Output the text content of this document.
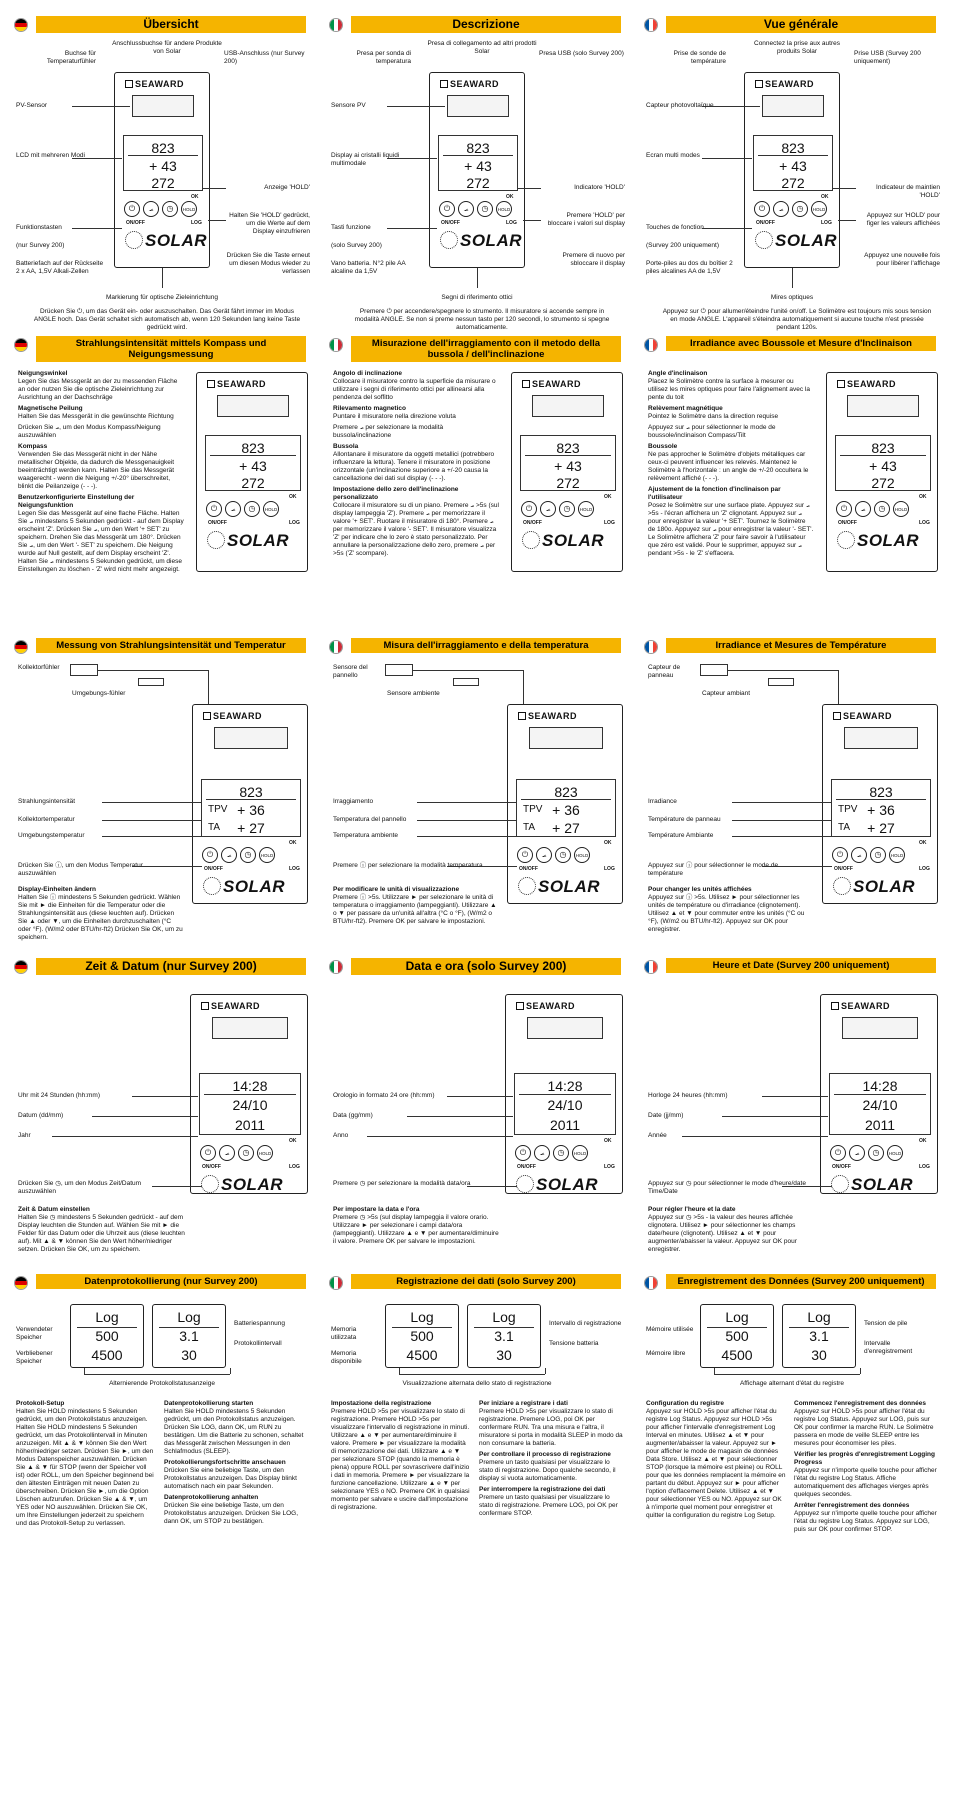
Übersicht
SEAWARD
823
+ 43
272
⏻	⦟	◷	HOLD
ON/OFF
OK
LOG
SOLAR
Anschlussbuchse für andere Produkte von Solar
Buchse für Temperaturfühler
USB-Anschluss (nur Survey 200)
PV-Sensor
LCD mit mehreren Modi
Anzeige 'HOLD'
Halten Sie 'HOLD' gedrückt, um die Werte auf dem Display einzufrieren
Funktionstasten
(nur Survey 200)
Drücken Sie die Taste erneut um diesen Modus wieder zu verlassen
Batteriefach auf der Rückseite 2 x AA, 1,5V Alkali-Zellen
Markierung für optische Zieleinrichtung
Drücken Sie ⏻, um das Gerät ein- oder auszuschalten. Das Gerät fährt immer im Modus ANGLE hoch. Das Gerät schaltet sich automatisch ab, wenn 120 Sekunden lang keine Taste gedrückt wird.
Strahlungsintensität mittels Kompass und Neigungsmessung
Neigungswinkel
Legen Sie das Messgerät an der zu messenden Fläche an oder nutzen Sie die optische Zieleinrichtung zur Ausrichtung an der Dachschräge
Magnetische Peilung
Halten Sie das Messgerät in die gewünschte Richtung
Drücken Sie ⦟, um den Modus Kompass/Neigung auszuwählen
Kompass
Verwenden Sie das Messgerät nicht in der Nähe metallischer Objekte, da dadurch die Messgenauigkeit beeinträchtigt werden kann. Halten Sie das Messgerät waagerecht - wenn die Neigung +/-20° überschreitet, blinkt die Peilanzeige (- - -).
Benutzerkonfigurierte Einstellung der Neigungsfunktion
Legen Sie das Messgerät auf eine flache Fläche. Halten Sie ⦟ mindestens 5 Sekunden gedrückt - auf dem Display erscheint 'Z'. Drücken Sie ⦟, um den Wert '+ SET' zu speichern. Drehen Sie das Messgerät um 180°. Drücken Sie ⦟, um den Wert '- SET' zu speichern. Die Neigung wurde auf Null gestellt, auf dem Display erscheint 'Z'. Halten Sie ⦟ mindestens 5 Sekunden gedrückt, um diese Einstellungen zu löschen - 'Z' wird nicht mehr angezeigt.
SEAWARD
823
+ 43
272
⏻	⦟	◷	HOLD
ON/OFF
OK
LOG
SOLAR
Messung von Strahlungsintensität und Temperatur
Kollektorfühler
Umgebungs-fühler
SEAWARD
823
+ 36
+ 27
TPV
TA
⏻	⦟	◷	HOLD
ON/OFF
OK
LOG
SOLAR
Strahlungsintensität
Kollektortemperatur
Umgebungstemperatur
Drücken Sie ⓘ, um den Modus Temperatur auszuwählen
Display-Einheiten ändern
Halten Sie ⓘ mindestens 5 Sekunden gedrückt. Wählen Sie mit ► die Einheiten für die Temperatur oder die Strahlungsintensität aus (diese leuchten auf). Drücken Sie ▲ oder ▼, um die Einheiten durchzuschalten (°C oder °F). (W/m2 oder BTU/hr-ft2) Drücken Sie OK, um zu speichern.
Zeit & Datum (nur Survey 200)
SEAWARD
14:28
24/10
2011
⏻	⦟	◷	HOLD
ON/OFF
OK
LOG
SOLAR
Uhr mit 24 Stunden (hh:mm)
Datum (dd/mm)
Jahr
Drücken Sie ◷, um den Modus Zeit/Datum auszuwählen
Zeit & Datum einstellen
Halten Sie ◷ mindestens 5 Sekunden gedrückt - auf dem Display leuchten die Stunden auf. Wählen Sie mit ► die Felder für das Datum oder die Uhrzeit aus (diese leuchten auf). Mit ▲ & ▼ können Sie den Wert höher/niedriger setzen. Drücken Sie OK, um zu speichern.
Datenprotokollierung (nur Survey 200)
Log
500
4500
Log
3.1
30
Verwendeter Speicher
Verbliebener Speicher
Batteriespannung
Protokollintervall
Alternierende Protokollstatusanzeige
Protokoll-Setup
Halten Sie HOLD mindestens 5 Sekunden gedrückt, um den Protokollstatus anzuzeigen. Halten Sie HOLD mindestens 5 Sekunden gedrückt, um das Protokollintervall in Minuten anzuzeigen. Mit ▲ & ▼ können Sie den Wert höher/niedriger setzen. Drücken Sie ►, um den Modus Datenspeicher auszuwählen. Drücken Sie ▲ & ▼ für STOP (wenn der Speicher voll ist) oder ROLL, um den Speicher beginnend bei den ältesten Einträgen mit neuen Daten zu überschreiben. Drücken Sie ►, um die Option Löschen aufzurufen. Drücken Sie ▲ & ▼, um YES oder NO auszuwählen. Drücken Sie OK, um Ihre Einstellungen jederzeit zu speichern und das Protokoll-Setup zu verlassen.
Datenprotokollierung starten
Halten Sie HOLD mindestens 5 Sekunden gedrückt, um den Protokollstatus anzuzeigen. Drücken Sie LOG, dann OK, um RUN zu bestätigen. Um die Batterie zu schonen, schaltet das Messgerät zwischen Messungen in den Schlafmodus (SLEEP).
Protokollierungsfortschritte anschauen
Drücken Sie eine beliebige Taste, um den Protokollstatus anzuzeigen. Das Display blinkt automatisch nach ein paar Sekunden.
Datenprotokollierung anhalten
Drücken Sie eine beliebige Taste, um den Protokollstatus anzuzeigen. Drücken Sie LOG, dann OK, um STOP zu bestätigen.
Descrizione
SEAWARD
823
+ 43
272
⏻	⦟	◷	HOLD
ON/OFF
OK
LOG
SOLAR
Presa di collegamento ad altri prodotti Solar
Presa per sonda di temperatura
Presa USB (solo Survey 200)
Sensore PV
Display ai cristalli liquidi multimodale
Indicatore 'HOLD'
Premere 'HOLD' per bloccare i valori sul display
Tasti funzione
(solo Survey 200)
Premere di nuovo per sbloccare il display
Vano batteria. N°2 pile AA alcaline da 1,5V
Segni di riferimento ottici
Premere ⏻ per accendere/spegnere lo strumento. Il misuratore si accende sempre in modalità ANGLE. Se non si preme nessun tasto per 120 secondi, lo strumento si spegne automaticamente.
Misurazione dell'irraggiamento con il metodo della bussola / dell'inclinazione
Angolo di inclinazione
Collocare il misuratore contro la superficie da misurare o utilizzare i segni di riferimento ottici per allinearsi alla pendenza del soffitto
Rilevamento magnetico
Puntare il misuratore nella direzione voluta
Premere ⦟ per selezionare la modalità bussola/inclinazione
Bussola
Allontanare il misuratore da oggetti metallici (potrebbero influenzare la lettura). Tenere il misuratore in posizione orizzontale (un'inclinazione superiore a +/-20 causa la cancellazione dei dati sul display (- - -).
Impostazione dello zero dell'inclinazione personalizzato
Collocare il misuratore su di un piano. Premere ⦟ >5s (sul display lampeggia 'Z'). Premere ⦟ per memorizzare il valore '+ SET'. Ruotare il misuratore di 180°. Premere ⦟ per memorizzare il valore '- SET'. Il misuratore visualizza 'Z' per indicare che lo zero è stato personalizzato. Per annullare la personalizzazione dello zero, premere ⦟ per >5s ('Z' scompare).
SEAWARD
823
+ 43
272
⏻	⦟	◷	HOLD
ON/OFF
OK
LOG
SOLAR
Misura dell'irraggiamento e della temperatura
Sensore del pannello
Sensore ambiente
SEAWARD
823
+ 36
+ 27
TPV
TA
⏻	⦟	◷	HOLD
ON/OFF
OK
LOG
SOLAR
Irraggiamento
Temperatura del pannello
Temperatura ambiente
Premere ⓘ per selezionare la modalità temperatura
Per modificare le unità di visualizzazione
Premere ⓘ >5s. Utilizzare ► per selezionare le unità di temperatura o irraggiamento (lampeggianti). Utilizzare ▲ o ▼ per passare da un'unità all'altra (°C o °F), (W/m2 o BTU/hr-ft2). Premere OK per salvare le impostazioni.
Data e ora (solo Survey 200)
SEAWARD
14:28
24/10
2011
⏻	⦟	◷	HOLD
ON/OFF
OK
LOG
SOLAR
Orologio in formato 24 ore (hh:mm)
Data (gg/mm)
Anno
Premere ◷ per selezionare la modalità data/ora
Per impostare la data e l'ora
Premere ◷ >5s (sul display lampeggia il valore orario. Utilizzare ► per selezionare i campi data/ora (lampeggianti). Utilizzare ▲ e ▼ per aumentare/diminuire il valore. Premere OK per salvare le impostazioni.
Registrazione dei dati (solo Survey 200)
Log
500
4500
Log
3.1
30
Memoria utilizzata
Memoria disponibile
Intervallo di registrazione
Tensione batteria
Visualizzazione alternata dello stato di registrazione
Impostazione della registrazione
Premere HOLD >5s per visualizzare lo stato di registrazione. Premere HOLD >5s per visualizzare l'intervallo di registrazione in minuti. Utilizzare ▲ e ▼ per aumentare/diminuire il valore. Premere ► per visualizzare la modalità di memorizzazione dei dati. Utilizzare ▲ e ▼ per selezionare STOP (quando la memoria è piena) oppure ROLL per sovrascrivere dall'inizio i dati in memoria. Premere ► per visualizzare la funzione cancellazione. Utilizzare ▲ e ▼ per selezionare YES o NO. Premere OK in qualsiasi momento per salvare e uscire dall'impostazione di registrazione.
Per iniziare a registrare i dati
Premere HOLD >5s per visualizzare lo stato di registrazione. Premere LOG, poi OK per confermare RUN. Tra una misura e l'altra, il misuratore si porta in modalità SLEEP in modo da non consumare la batteria.
Per controllare il processo di registrazione
Premere un tasto qualsiasi per visualizzare lo stato di registrazione. Dopo qualche secondo, il display si vuota automaticamente.
Per interrompere la registrazione dei dati
Premere un tasto qualsiasi per visualizzare lo stato di registrazione. Premere LOG, poi OK per confermare STOP.
Vue générale
SEAWARD
823
+ 43
272
⏻	⦟	◷	HOLD
ON/OFF
OK
LOG
SOLAR
Connectez la prise aux autres produits Solar
Prise de sonde de température
Prise USB (Survey 200 uniquement)
Capteur photovoltaïque
Ecran multi modes
Indicateur de maintien 'HOLD'
Appuyez sur 'HOLD' pour figer les valeurs affichées
Touches de fonction
(Survey 200 uniquement)
Appuyez une nouvelle fois pour libérer l'affichage
Porte-piles au dos du boîtier 2 piles alcalines AA de 1,5V
Mires optiques
Appuyez sur ⏻ pour allumer/éteindre l'unité on/off. Le Solimètre est toujours mis sous tension en mode ANGLE. L'appareil s'éteindra automatiquement si aucune touche n'est pressée pendant 120s.
Irradiance avec Boussole et Mesure d'Inclinaison
Angle d'inclinaison
Placez le Solimètre contre la surface à mesurer ou utilisez les mires optiques pour faire l'alignement avec la pente du toit
Relèvement magnétique
Pointez le Solimètre dans la direction requise
Appuyez sur ⦟ pour sélectionner le mode de boussole/inclinaison Compass/Tilt
Boussole
Ne pas approcher le Solimètre d'objets métalliques car ceux-ci peuvent influencer les relevés. Maintenez le Solimètre à l'horizontale : un angle de +/-20 occultera le relèvement affiché (- - -).
Ajustement de la fonction d'inclinaison par l'utilisateur
Posez le Solimètre sur une surface plate. Appuyez sur ⦟ >5s - l'écran affichera un 'Z' clignotant. Appuyez sur ⦟ pour enregistrer la valeur '+ SET'. Tournez le Solimètre de 180o. Appuyez sur ⦟ pour enregistrer la valeur '- SET'. Le Solimètre affichera 'Z' pour faire savoir à l'utilisateur que zéro est validé. Pour le supprimer, appuyez sur ⦟ pendant >5s - le 'Z' s'effacera.
SEAWARD
823
+ 43
272
⏻	⦟	◷	HOLD
ON/OFF
OK
LOG
SOLAR
Irradiance et Mesures de Température
Capteur de panneau
Capteur ambiant
SEAWARD
823
+ 36
+ 27
TPV
TA
⏻	⦟	◷	HOLD
ON/OFF
OK
LOG
SOLAR
Irradiance
Température de panneau
Température Ambiante
Appuyez sur ⓘ pour sélectionner le mode de température
Pour changer les unités affichées
Appuyez sur ⓘ >5s. Utilisez ► pour sélectionner les unités de température ou d'irradiance (clignotement). Utilisez ▲ et ▼ pour commuter entre les unités (°C ou °F), (W/m2 ou BTU/hr-ft2). Appuyez sur OK pour enregistrer.
Heure et Date (Survey 200 uniquement)
SEAWARD
14:28
24/10
2011
⏻	⦟	◷	HOLD
ON/OFF
OK
LOG
SOLAR
Horloge 24 heures (hh:mm)
Date (jj/mm)
Année
Appuyez sur ◷ pour sélectionner le mode d'heure/date Time/Date
Pour régler l'heure et la date
Appuyez sur ◷ >5s - la valeur des heures affichée clignotera. Utilisez ► pour sélectionner les champs date/heure (clignotent). Utilisez ▲ et ▼ pour augmenter/abaisser la valeur. Appuyez sur OK pour enregistrer.
Enregistrement des Données (Survey 200 uniquement)
Log
500
4500
Log
3.1
30
Mémoire utilisée
Mémoire libre
Tension de pile
Intervalle d'enregistrement
Affichage alternant d'état du registre
Configuration du registre
Appuyez sur HOLD >5s pour afficher l'état du registre Log Status. Appuyez sur HOLD >5s pour afficher l'intervalle d'enregistrement Log Interval en minutes. Utilisez ▲ et ▼ pour augmenter/abaisser la valeur. Appuyez sur ► pour afficher le mode de magasin de données Data Store. Utilisez ▲ et ▼ pour sélectionner STOP (lorsque la mémoire est pleine) ou ROLL pour que les données remplacent la mémoire en partant du début. Appuyez sur ► pour afficher l'option d'effacement Delete. Utilisez ▲ et ▼ pour sélectionner YES ou NO. Appuyez sur OK à n'importe quel moment pour enregistrer et quitter la configuration du registre Log Setup.
Commencez l'enregistrement des données
Appuyez sur HOLD >5s pour afficher l'état du registre Log Status. Appuyez sur LOG, puis sur OK pour confirmer la marche RUN. Le Solimètre passera en mode de veille SLEEP entre les mesures pour économiser les piles.
Vérifier les progrès d'enregistrement Logging Progress
Appuyez sur n'importe quelle touche pour afficher l'état du registre Log Status. Affiche automatiquement des affichages vierges après quelques secondes.
Arrêter l'enregistrement des données
Appuyez sur n'importe quelle touche pour afficher l'état du registre Log Status. Appuyez sur LOG, puis sur OK pour confirmer STOP.
